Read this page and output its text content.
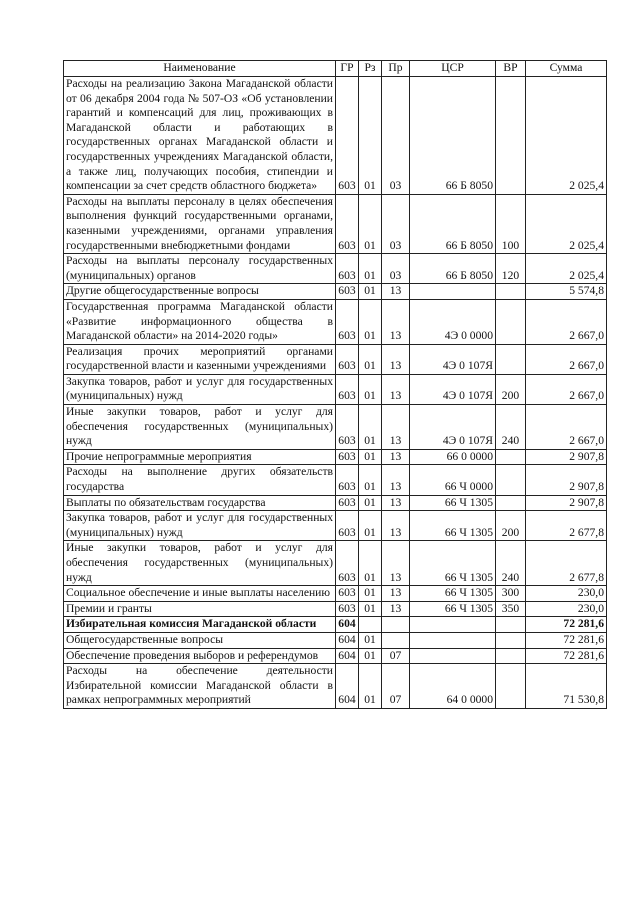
Наименование	ГР	Рз	Пр	ЦСР	ВР	Сумма
Расходы на реализацию Закона Магаданской области от 06 декабря 2004 года № 507-ОЗ «Об установлении гарантий и компенсаций для лиц, проживающих в Магаданской области и работающих в государственных органах Магаданской области и государственных учреждениях Магаданской области, а также лиц, получающих пособия, стипендии и компенсации за счет средств областного бюджета»	603	01	03	66 Б 8050		2 025,4
Расходы на выплаты персоналу в целях обеспечения выполнения функций государственными органами, казенными учреждениями, органами управления государственными внебюджетными фондами	603	01	03	66 Б 8050	100	2 025,4
Расходы на выплаты персоналу государственных (муниципальных) органов	603	01	03	66 Б 8050	120	2 025,4
Другие общегосударственные вопросы	603	01	13			5 574,8
Государственная программа Магаданской области «Развитие информационного общества в Магаданской области» на 2014-2020 годы»	603	01	13	4Э 0 0000		2 667,0
Реализация прочих мероприятий органами государственной власти и казенными учреждениями	603	01	13	4Э 0 107Я		2 667,0
Закупка товаров, работ и услуг для государственных (муниципальных) нужд	603	01	13	4Э 0 107Я	200	2 667,0
Иные закупки товаров, работ и услуг для обеспечения государственных (муниципальных) нужд	603	01	13	4Э 0 107Я	240	2 667,0
Прочие непрограммные мероприятия	603	01	13	66 0 0000		2 907,8
Расходы на выполнение других обязательств государства	603	01	13	66 Ч 0000		2 907,8
Выплаты по обязательствам государства	603	01	13	66 Ч 1305		2 907,8
Закупка товаров, работ и услуг для государственных (муниципальных) нужд	603	01	13	66 Ч 1305	200	2 677,8
Иные закупки товаров, работ и услуг для обеспечения государственных (муниципальных) нужд	603	01	13	66 Ч 1305	240	2 677,8
Социальное обеспечение и иные выплаты населению	603	01	13	66 Ч 1305	300	230,0
Премии и гранты	603	01	13	66 Ч 1305	350	230,0
Избирательная комиссия Магаданской области	604					72 281,6
Общегосударственные вопросы	604	01				72 281,6
Обеспечение проведения выборов и референдумов	604	01	07			72 281,6
Расходы на обеспечение деятельности Избирательной комиссии Магаданской области в рамках непрограммных мероприятий	604	01	07	64 0 0000		71 530,8
